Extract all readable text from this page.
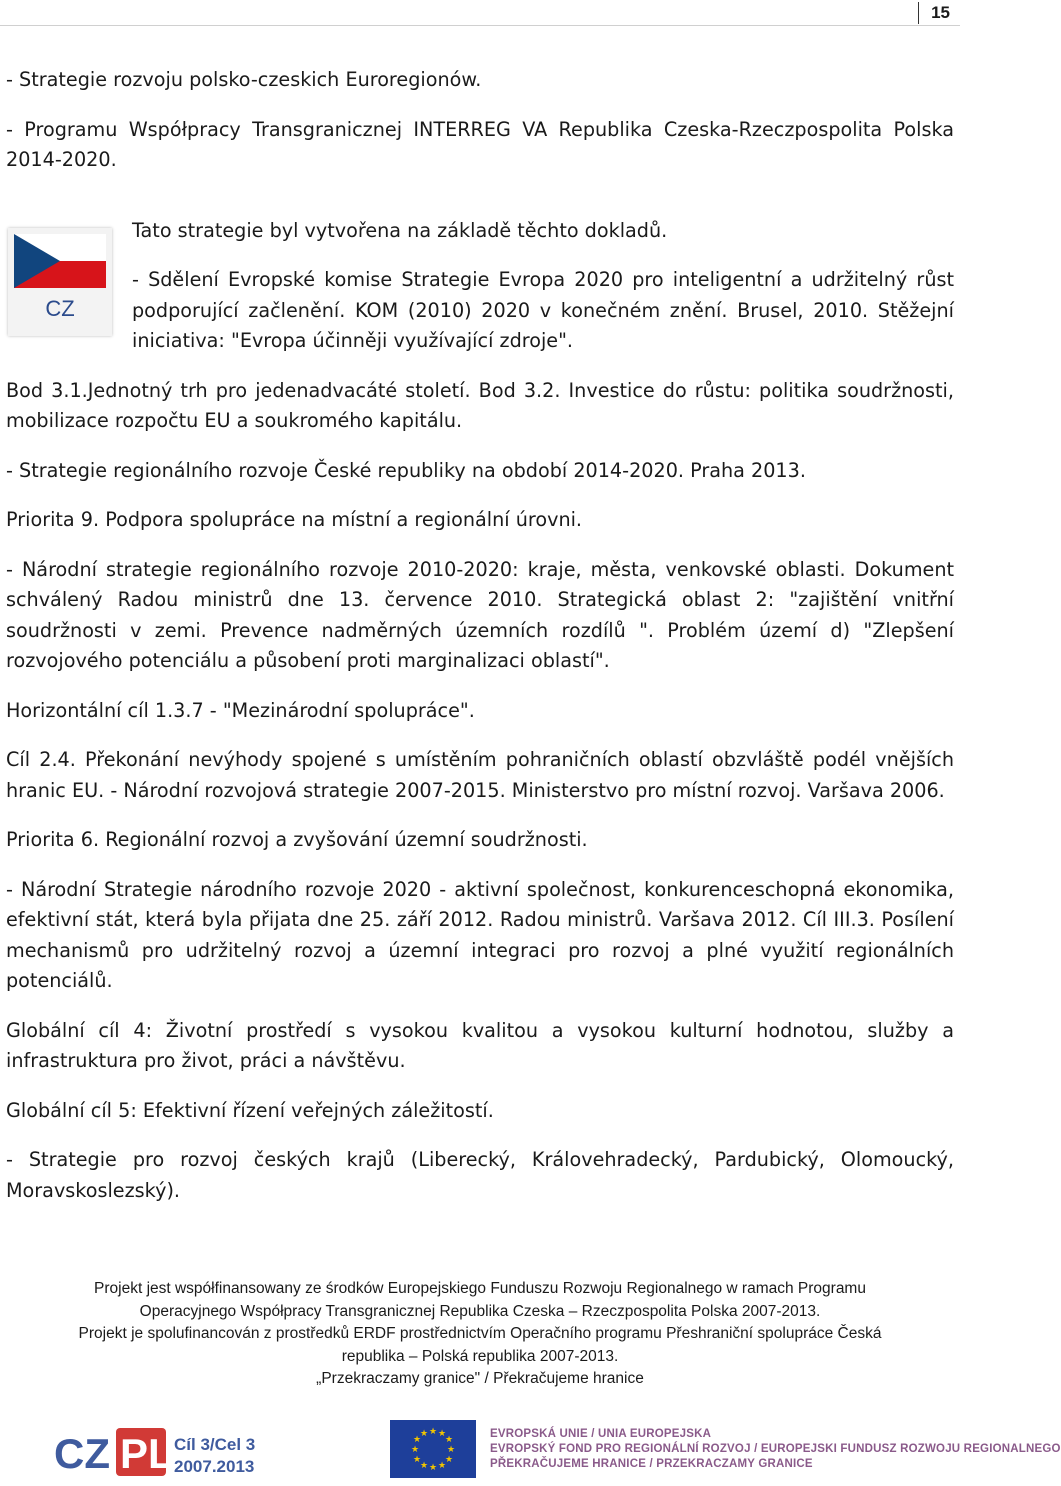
15

- Strategie rozvoju polsko-czeskich Euroregionów.

- Programu Współpracy Transgranicznej INTERREG VA Republika Czeska-Rzeczpospolita Polska 2014-2020.

CZ

Tato strategie byl vytvořena na základě těchto dokladů.

- Sdělení Evropské komise Strategie Evropa 2020 pro inteligentní a udržitelný růst podporující začlenění. KOM (2010) 2020 v konečném znění. Brusel, 2010. Stěžejní iniciativa: "Evropa účinněji využívající zdroje".

Bod 3.1.Jednotný trh pro jedenadvacáté století. Bod 3.2. Investice do růstu: politika soudržnosti, mobilizace rozpočtu EU a soukromého kapitálu.

- Strategie regionálního rozvoje České republiky na období 2014-2020. Praha 2013.

Priorita 9. Podpora spolupráce na místní a regionální úrovni.

- Národní strategie regionálního rozvoje 2010-2020: kraje, města, venkovské oblasti. Dokument schválený Radou ministrů dne 13. července 2010. Strategická oblast 2: "zajištění vnitřní soudržnosti v zemi. Prevence nadměrných územních rozdílů ". Problém území d) "Zlepšení rozvojového potenciálu a působení proti marginalizaci oblastí".

Horizontální cíl 1.3.7 - "Mezinárodní spolupráce".

Cíl 2.4. Překonání nevýhody spojené s umístěním pohraničních oblastí obzvláště podél vnějších hranic EU. - Národní rozvojová strategie 2007-2015. Ministerstvo pro místní rozvoj. Varšava 2006.

Priorita 6. Regionální rozvoj a zvyšování územní soudržnosti.

- Národní Strategie národního rozvoje 2020 - aktivní společnost, konkurenceschopná ekonomika, efektivní stát, která byla přijata dne 25. září 2012. Radou ministrů. Varšava 2012. Cíl III.3. Posílení mechanismů pro udržitelný rozvoj a územní integraci pro rozvoj a plné využití regionálních potenciálů.

Globální cíl 4: Životní prostředí s vysokou kvalitou a vysokou kulturní hodnotou, služby a infrastruktura pro život, práci a návštěvu.

Globální cíl 5: Efektivní řízení veřejných záležitostí.

- Strategie pro rozvoj českých krajů (Liberecký, Královehradecký, Pardubický, Olomoucký, Moravskoslezský).

Projekt jest współfinansowany ze środków Europejskiego Funduszu Rozwoju Regionalnego w ramach Programu
Operacyjnego Współpracy Transgranicznej Republika Czeska – Rzeczpospolita Polska 2007-2013.
Projekt je spolufinancován z prostředků ERDF prostřednictvím Operačního programu Přeshraniční spolupráce Česká
republika – Polská republika 2007-2013.
„Przekraczamy granice" / Překračujeme hranice
CZ PL Cíl 3/Cel 3
2007.2013
★ ★
★
★
★
★
★
★
★
★
★
★	EVROPSKÁ UNIE / UNIA EUROPEJSKA
EVROPSKÝ FOND PRO REGIONÁLNÍ ROZVOJ / EUROPEJSKI FUNDUSZ ROZWOJU REGIONALNEGO
PŘEKRAČUJEME HRANICE / PRZEKRACZAMY GRANICE
